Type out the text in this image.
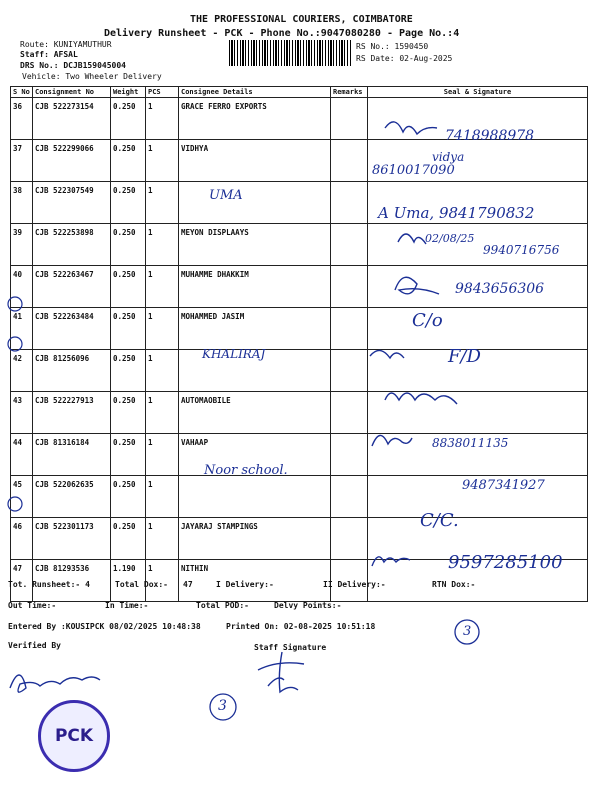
THE PROFESSIONAL COURIERS, COIMBATORE
Delivery Runsheet - PCK - Phone No.:9047080280 - Page No.:4
Route: KUNIYAMUTHUR
Staff: AFSAL
DRS No.: DCJB159045004
Vehicle: Two Wheeler Delivery
RS No.: 1590450
RS Date: 02-Aug-2025
S No	Consignment No	Weight	PCS	Consignee Details	Remarks	Seal & Signature
36	CJB 522273154	0.250	1	GRACE FERRO EXPORTS		
37	CJB 522299066	0.250	1	VIDHYA		
38	CJB 522307549	0.250	1			
39	CJB 522253898	0.250	1	MEYON DISPLAAYS		
40	CJB 522263467	0.250	1	MUHAMME DHAKKIM		
41	CJB 522263484	0.250	1	MOHAMMED JASIM		
42	CJB 81256096	0.250	1			
43	CJB 522227913	0.250	1	AUTOMAOBILE		
44	CJB 81316184	0.250	1	VAHAAP		
45	CJB 522062635	0.250	1			
46	CJB 522301173	0.250	1	JAYARAJ STAMPINGS		
47	CJB 81293536	1.190	1	NITHIN		
7418988978
vidya
8610017090
UMA
A Uma, 9841790832
02/08/25
9940716756
9843656306
C/o
KHALIRAJ	F/D
8838011135
Noor school.
9487341927
C/C.
9597285100
3
3
Tot. Runsheet:- 4	Total Dox:- 47	I Delivery:-	II Delivery:-	RTN Dox:-
Out Time:-	In Time:-	Total POD:-	Delvy Points:-
Entered By :KOUSIPCK 08/02/2025 10:48:38	Printed On: 02-08-2025 10:51:18
Verified By	Staff Signature
PCK
